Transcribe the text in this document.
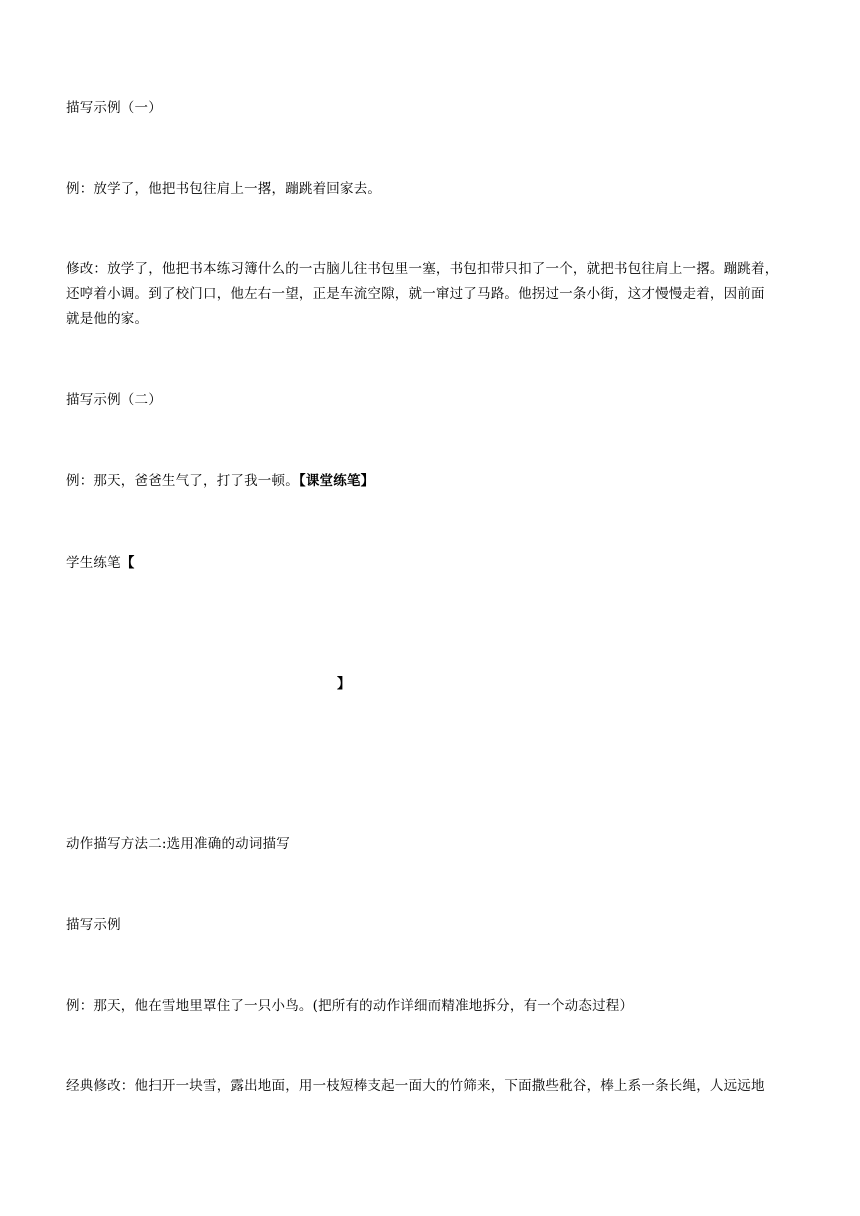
描写示例（一）
例：放学了，他把书包往肩上一撂，蹦跳着回家去。
修改：放学了，他把书本练习簿什么的一古脑儿往书包里一塞，书包扣带只扣了一个，就把书包往肩上一撂。蹦跳着，
还哼着小调。到了校门口，他左右一望，正是车流空隙，就一窜过了马路。他拐过一条小街，这才慢慢走着，因前面
就是他的家。
描写示例（二）
例：那天，爸爸生气了，打了我一顿。【课堂练笔】
学生练笔【
】
动作描写方法二:选用准确的动词描写
描写示例
例：那天，他在雪地里罩住了一只小鸟。(把所有的动作详细而精准地拆分，有一个动态过程）
经典修改：他扫开一块雪，露出地面，用一枝短棒支起一面大的竹筛来，下面撒些秕谷，棒上系一条长绳，人远远地
